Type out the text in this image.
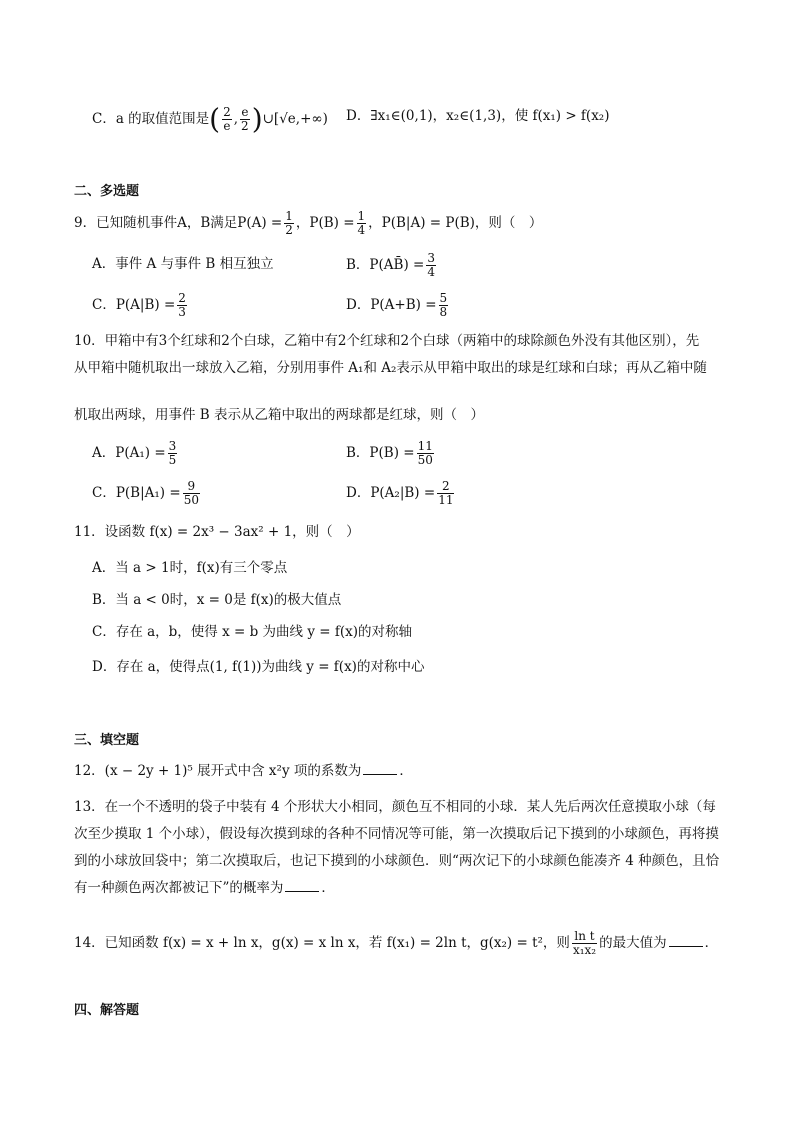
C．a 的取值范围是( $\frac{2}{e}$ , $\frac{e}{2}$ )∪[√e,+∞) D．∃x₁∈(0,1)，x₂∈(1,3)，使 f(x₁) > f(x₂)
二、多选题
9．已知随机事件A，B满足$P(A) = \frac{1}{2}$ ，$P(B) = \frac{1}{4}$ ，P(B|A) = P(B)，则（　）
A．事件 A 与事件 B 相互独立	B．P(AB̄) = $\frac{3}{4}$
C．$P(A|B) = \frac{2}{3}$	D．$P(A+B) = \frac{5}{8}$
10．甲箱中有3个红球和2个白球，乙箱中有2个红球和2个白球（两箱中的球除颜色外没有其他区别），先
从甲箱中随机取出一球放入乙箱，分别用事件 A₁和 A₂表示从甲箱中取出的球是红球和白球；再从乙箱中随
机取出两球，用事件 B 表示从乙箱中取出的两球都是红球，则（　）
A．$P(A_1) = \frac{3}{5}$	B．$P(B) = \frac{11}{50}$
C．$P(B|A_1) = \frac{9}{50}$	D．$P(A_2|B) = \frac{2}{11}$
11．设函数 f(x) = 2x³ − 3ax² + 1，则（　）
A．当 a > 1时，f(x)有三个零点
B．当 a < 0时，x = 0是 f(x)的极大值点
C．存在 a，b，使得 x = b 为曲线 y = f(x)的对称轴
D．存在 a，使得点(1, f(1))为曲线 y = f(x)的对称中心
三、填空题
12．(x − 2y + 1)⁵ 展开式中含 x²y 项的系数为	．
13．在一个不透明的袋子中装有 4 个形状大小相同，颜色互不相同的小球．某人先后两次任意摸取小球（每次至少摸取 1 个小球），假设每次摸到球的各种不同情况等可能，第一次摸取后记下摸到的小球颜色，再将摸到的小球放回袋中；第二次摸取后，也记下摸到的小球颜色．则“两次记下的小球颜色能凑齐 4 种颜色，且恰有一种颜色两次都被记下”的概率为	．
14．已知函数 f(x) = x + ln x，g(x) = x ln x，若 f(x₁) = 2ln t，g(x₂) = t²，则 $\frac{\text{ln t}}{\text{x₁x₂}}$ 的最大值为	．
四、解答题
